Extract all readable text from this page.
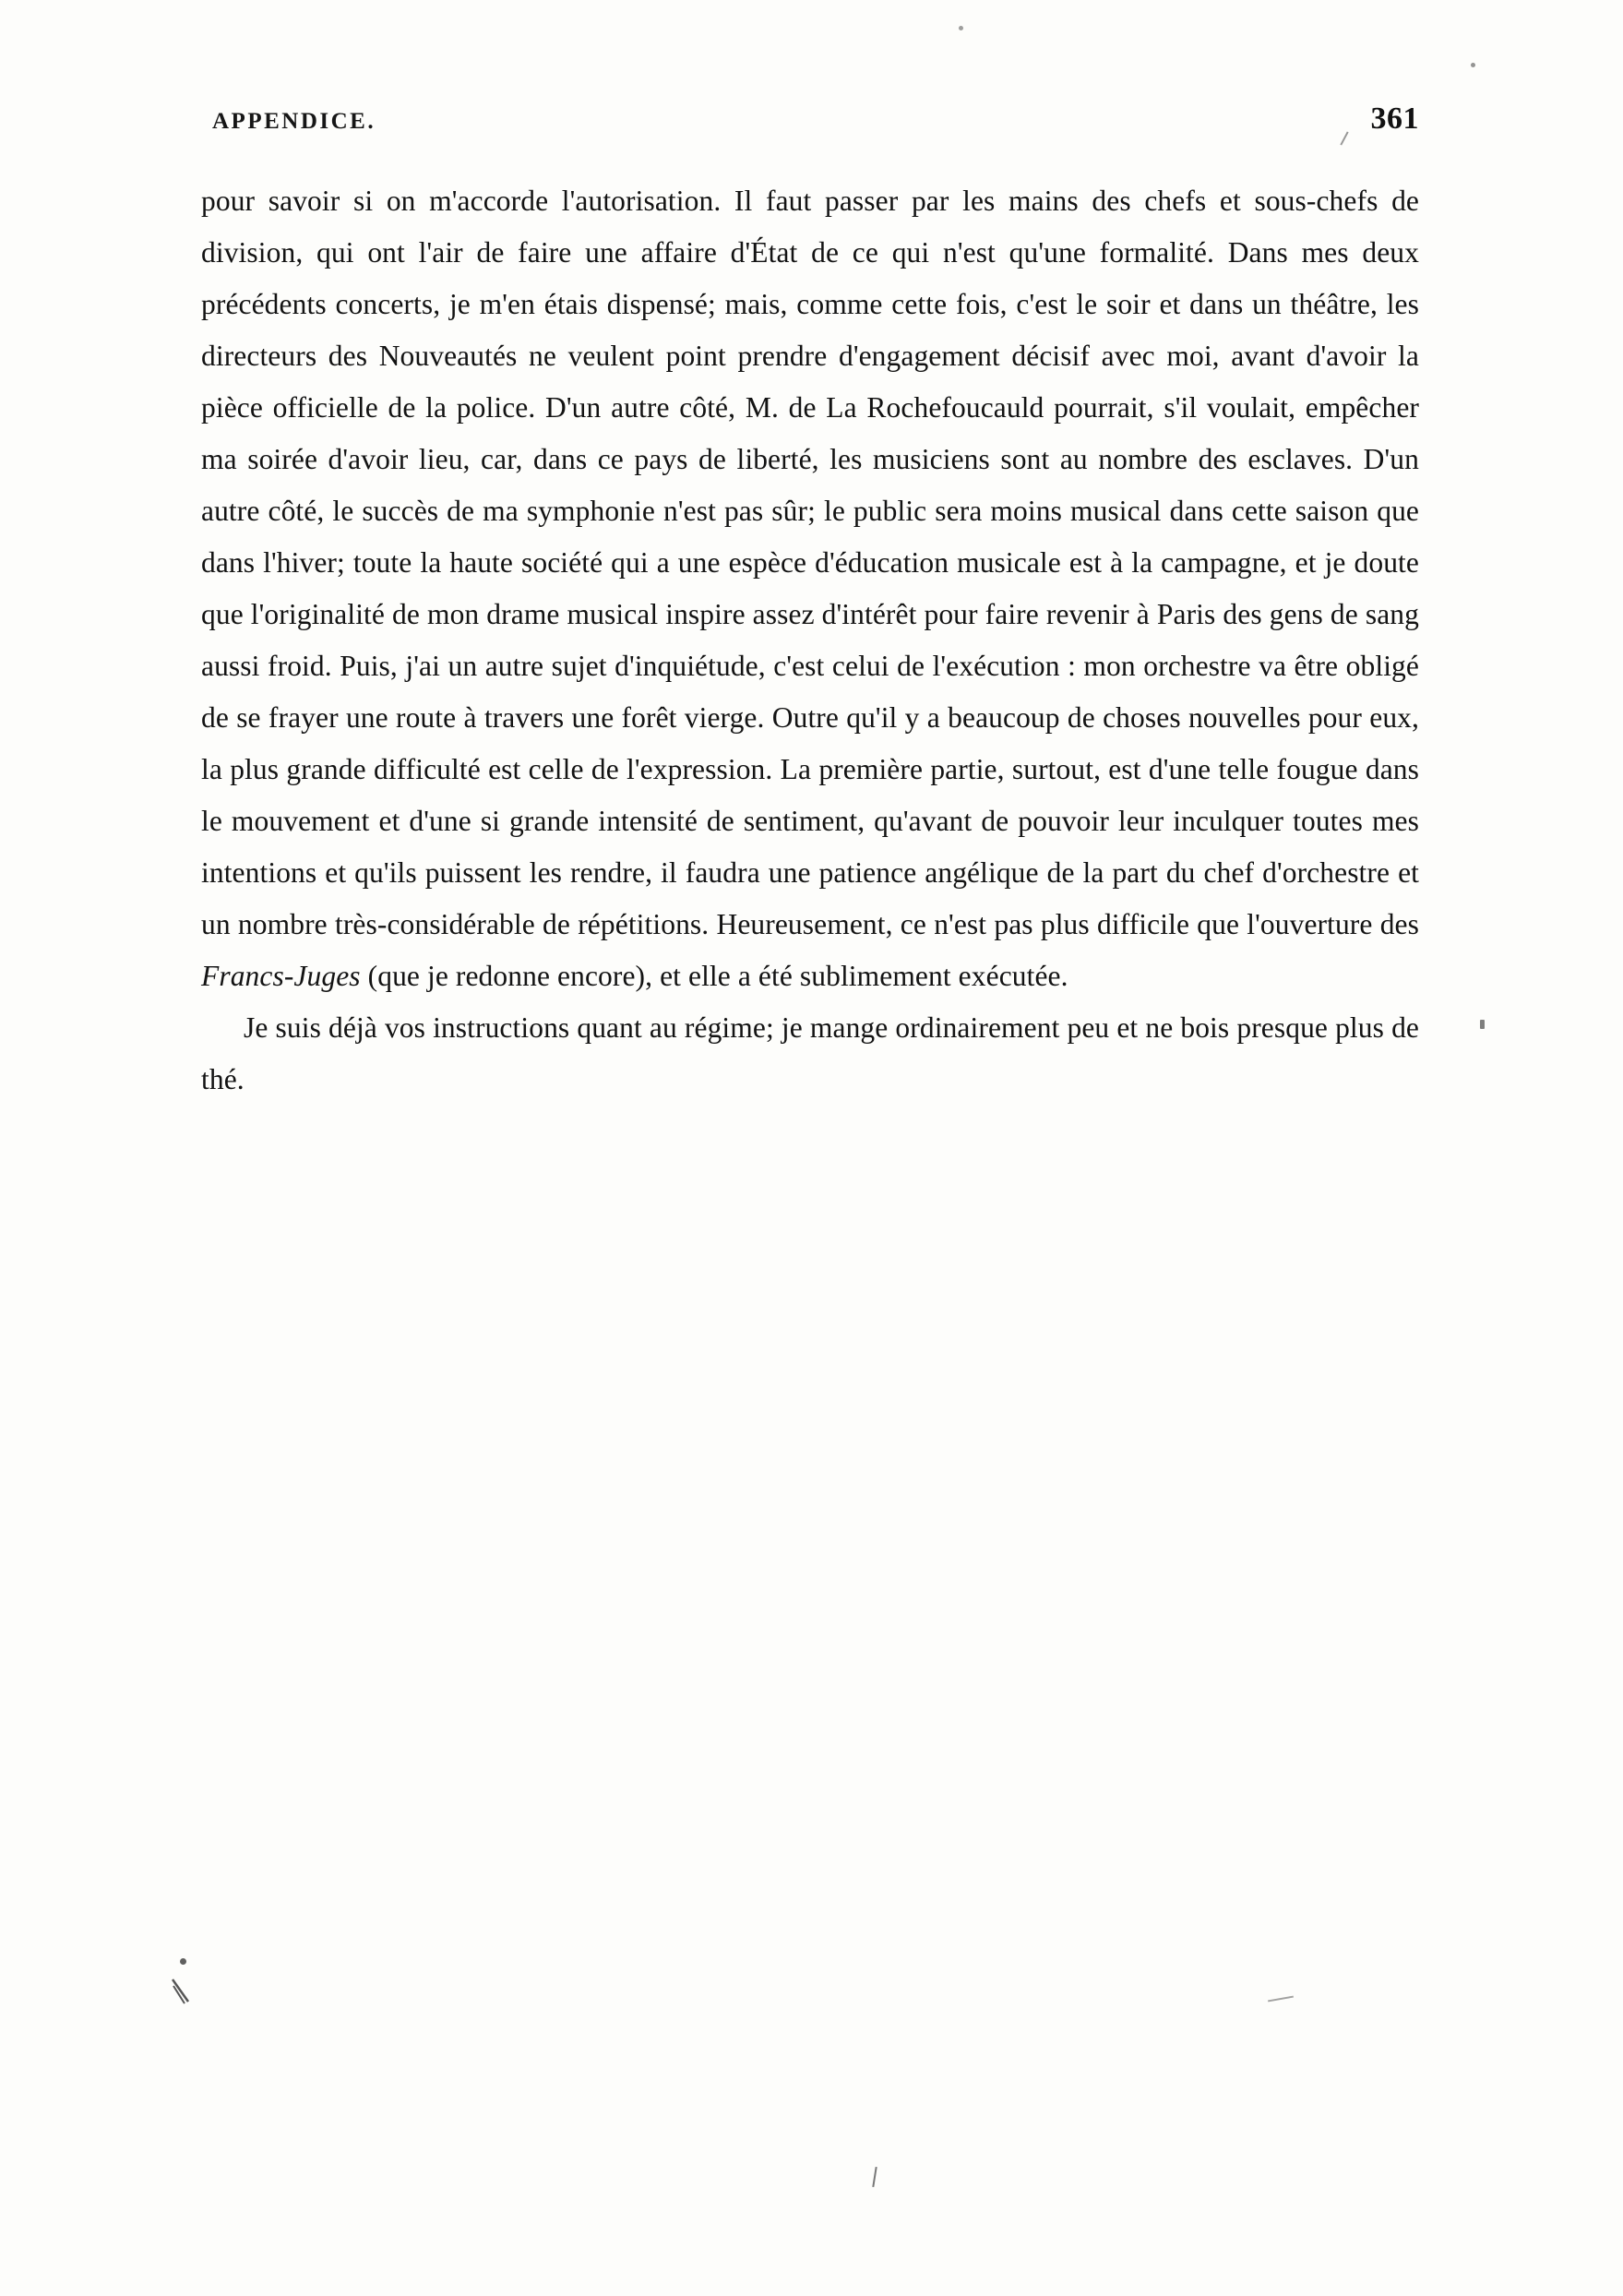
APPENDICE.	361

pour savoir si on m'accorde l'autorisation. Il faut passer par les mains des chefs et sous-chefs de division, qui ont l'air de faire une affaire d'État de ce qui n'est qu'une formalité. Dans mes deux précédents concerts, je m'en étais dispensé; mais, comme cette fois, c'est le soir et dans un théâtre, les directeurs des Nouveautés ne veulent point prendre d'engagement décisif avec moi, avant d'avoir la pièce officielle de la police. D'un autre côté, M. de La Rochefoucauld pourrait, s'il voulait, empêcher ma soirée d'avoir lieu, car, dans ce pays de liberté, les musiciens sont au nombre des esclaves. D'un autre côté, le succès de ma symphonie n'est pas sûr; le public sera moins musical dans cette saison que dans l'hiver; toute la haute société qui a une espèce d'éducation musicale est à la campagne, et je doute que l'originalité de mon drame musical inspire assez d'intérêt pour faire revenir à Paris des gens de sang aussi froid. Puis, j'ai un autre sujet d'inquiétude, c'est celui de l'exécution : mon orchestre va être obligé de se frayer une route à travers une forêt vierge. Outre qu'il y a beaucoup de choses nouvelles pour eux, la plus grande difficulté est celle de l'expression. La première partie, surtout, est d'une telle fougue dans le mouvement et d'une si grande intensité de sentiment, qu'avant de pouvoir leur inculquer toutes mes intentions et qu'ils puissent les rendre, il faudra une patience angélique de la part du chef d'orchestre et un nombre très-considérable de répétitions. Heureusement, ce n'est pas plus difficile que l'ouverture des Francs-Juges (que je redonne encore), et elle a été sublimement exécutée.

Je suis déjà vos instructions quant au régime; je mange ordinairement peu et ne bois presque plus de thé.
